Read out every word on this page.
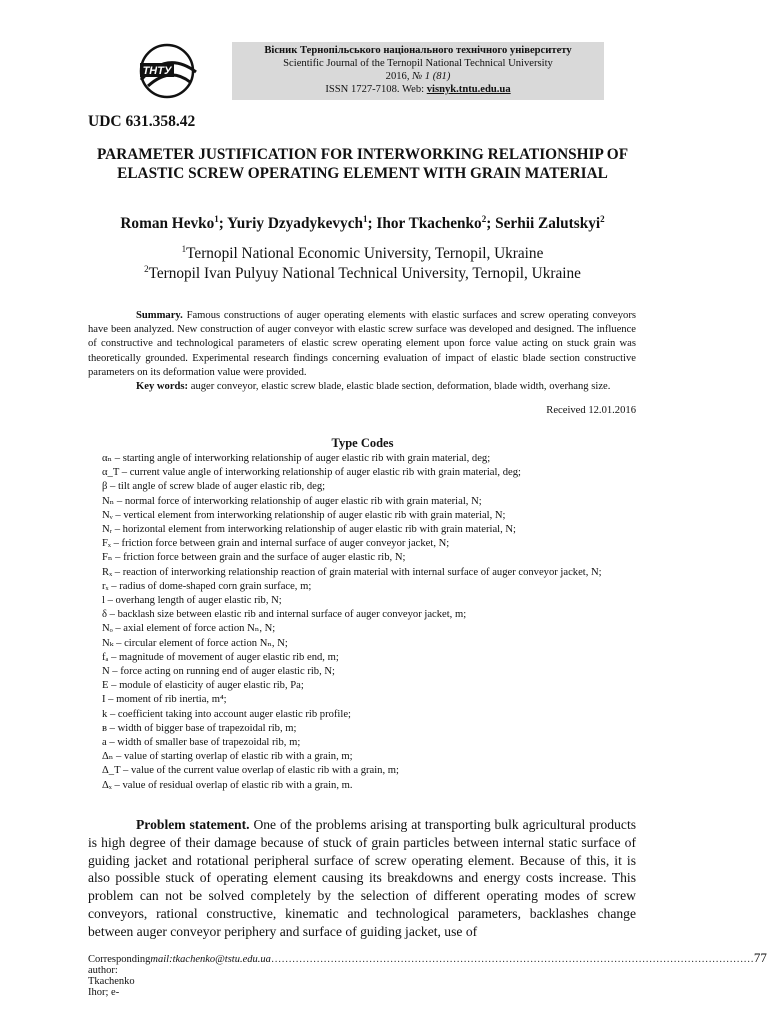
ТНТУ
Вісник Тернопільського національного технічного університету
Scientific Journal of the Ternopil National Technical University
2016, № 1 (81)
ISSN 1727-7108. Web: visnyk.tntu.edu.ua
UDC 631.358.42
PARAMETER JUSTIFICATION FOR INTERWORKING RELATIONSHIP OF ELASTIC SCREW OPERATING ELEMENT WITH GRAIN MATERIAL
Roman Hevko$^1$; Yuriy Dzyadykevych$^1$; Ihor Tkachenko$^2$; Serhii Zalutskyi$^2$
$^1$Ternopil National Economic University, Ternopil, Ukraine
$^2$Ternopil Ivan Pulyuy National Technical University, Ternopil, Ukraine

Summary. Famous constructions of auger operating elements with elastic surfaces and screw operating conveyors have been analyzed. New construction of auger conveyor with elastic screw surface was developed and designed. The influence of constructive and technological parameters of elastic screw operating element upon force value acting on stuck grain was theoretically grounded. Experimental research findings concerning evaluation of impact of elastic blade section constructive parameters on its deformation value were provided.

Key words: auger conveyor, elastic screw blade, elastic blade section, deformation, blade width, overhang size.

Received 12.01.2016
Type Codes

αₙ – starting angle of interworking relationship of auger elastic rib with grain material, deg;

α_T – current value angle of interworking relationship of auger elastic rib with grain material, deg;

β – tilt angle of screw blade of auger elastic rib, deg;

Nₙ – normal force of interworking relationship of auger elastic rib with grain material, N;

Nᵥ – vertical element from interworking relationship of auger elastic rib with grain material, N;

Nᵣ – horizontal element from interworking relationship of auger elastic rib with grain material, N;

Fₓ – friction force between grain and internal surface of auger conveyor jacket, N;

Fₙ – friction force between grain and the surface of auger elastic rib, N;

Rₓ – reaction of interworking relationship reaction of grain material with internal surface of auger conveyor jacket, N;

rₓ – radius of dome-shaped corn grain surface, m;

l – overhang length of auger elastic rib, N;

δ – backlash size between elastic rib and internal surface of auger conveyor jacket, m;

Nₒ – axial element of force action Nₙ, N;

Nₖ – circular element of force action Nₙ, N;

fₐ – magnitude of movement of auger elastic rib end, m;

N – force acting on running end of auger elastic rib, N;

E – module of elasticity of auger elastic rib, Pa;

I – moment of rib inertia, m⁴;

k – coefficient taking into account auger elastic rib profile;

в – width of bigger base of trapezoidal rib, m;

a – width of smaller base of trapezoidal rib, m;

Δₙ – value of starting overlap of elastic rib with a grain, m;

Δ_T – value of the current value overlap of elastic rib with a grain, m;

Δₓ – value of residual overlap of elastic rib with a grain, m.

Problem statement. One of the problems arising at transporting bulk agricultural products is high degree of their damage because of stuck of grain particles between internal static surface of guiding jacket and rotational peripheral surface of screw operating element. Because of this, it is also possible stuck of operating element causing its breakdowns and energy costs increase. This problem can not be solved completely by the selection of different operating modes of screw conveyors, rational constructive, kinematic and technological parameters, backlashes change between auger conveyor periphery and surface of guiding jacket, use of

Corresponding author: Tkachenko Ihor; e-
mail:tkachenko@tstu.edu.ua ………………………………………………………………………………………………………………………… 77
